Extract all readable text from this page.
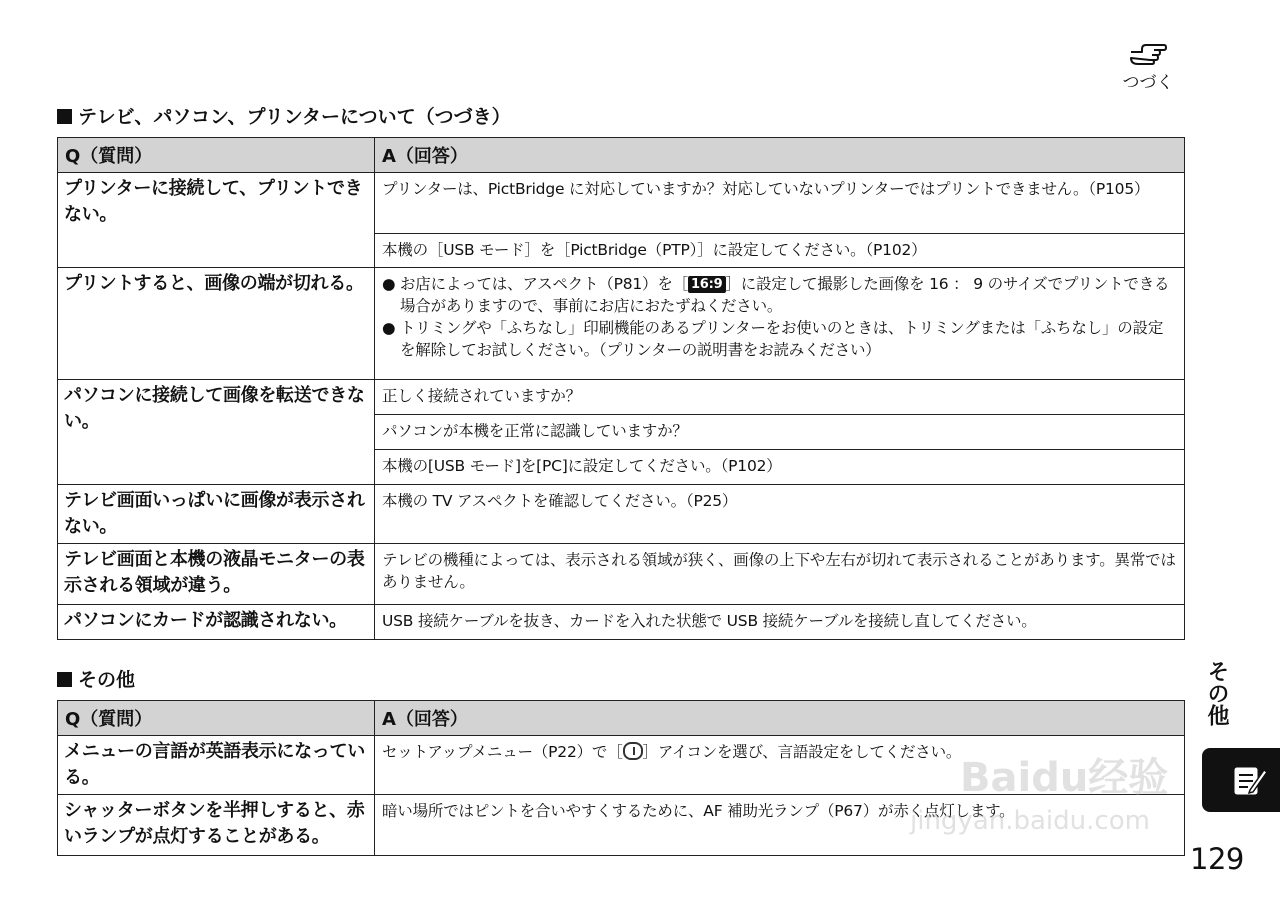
つづく
テレビ、パソコン、プリンターについて（つづき）
Q（質問）	A（回答）
プリンターに接続して、プリントできない。	プリンターは、PictBridge に対応していますか？対応していないプリンターではプリントできません。（P105）
	本機の［USB モード］を［PictBridge（PTP）］に設定してください。（P102）
プリントすると、画像の端が切れる。	● お店によっては、アスペクト（P81）を［ 16:9 ］に設定して撮影した画像を 16 ： 9 のサイズでプリントできる場合がありますので、事前にお店におたずねください。
● トリミングや「ふちなし」印刷機能のあるプリンターをお使いのときは、トリミングまたは「ふちなし」の設定を解除してお試しください。（プリンターの説明書をお読みください）

パソコンに接続して画像を転送できない。	正しく接続されていますか？
	パソコンが本機を正常に認識していますか？
	本機の[USB モード]を[PC]に設定してください。（P102）
テレビ画面いっぱいに画像が表示されない。	本機の TV アスペクトを確認してください。（P25）
テレビ画面と本機の液晶モニターの表示される領域が違う。	テレビの機種によっては、表示される領域が狭く、画像の上下や左右が切れて表示されることがあります。異常ではありません。
パソコンにカードが認識されない。	USB 接続ケーブルを抜き、カードを入れた状態で USB 接続ケーブルを接続し直してください。
その他
Q（質問）	A（回答）
メニューの言語が英語表示になっている。	セットアップメニュー（P22）で［ ］アイコンを選び、言語設定をしてください。
シャッターボタンを半押しすると、赤いランプが点灯することがある。	暗い場所ではピントを合いやすくするために、AF 補助光ランプ（P67）が赤く点灯します。
その他
129
Baidu经验
jingyan.baidu.com
